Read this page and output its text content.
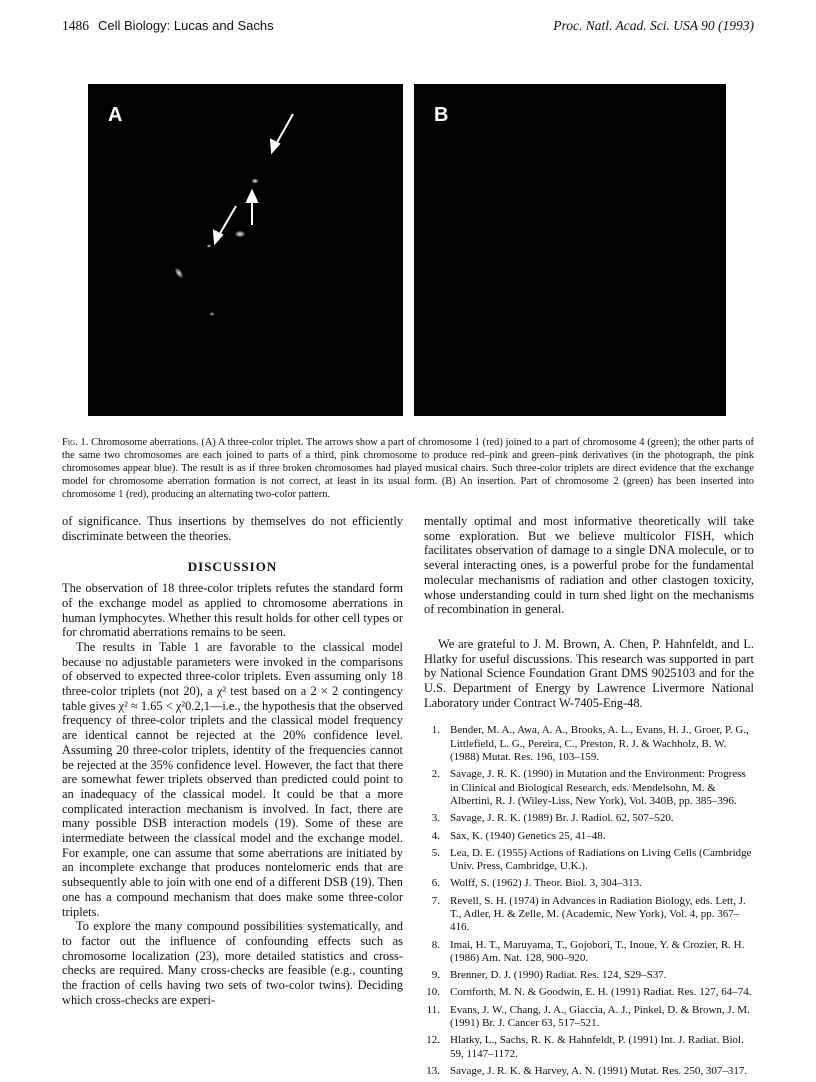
1486 Cell Biology: Lucas and Sachs	Proc. Natl. Acad. Sci. USA 90 (1993)
A	B
Fig. 1. Chromosome aberrations. (A) A three-color triplet. The arrows show a part of chromosome 1 (red) joined to a part of chromosome 4 (green); the other parts of the same two chromosomes are each joined to parts of a third, pink chromosome to produce red–pink and green–pink derivatives (in the photograph, the pink chromosomes appear blue). The result is as if three broken chromosomes had played musical chairs. Such three-color triplets are direct evidence that the exchange model for chromosome aberration formation is not correct, at least in its usual form. (B) An insertion. Part of chromosome 2 (green) has been inserted into chromosome 1 (red), producing an alternating two-color pattern.

of significance. Thus insertions by themselves do not efficiently discriminate between the theories.

DISCUSSION

The observation of 18 three-color triplets refutes the standard form of the exchange model as applied to chromosome aberrations in human lymphocytes. Whether this result holds for other cell types or for chromatid aberrations remains to be seen.

The results in Table 1 are favorable to the classical model because no adjustable parameters were invoked in the comparisons of observed to expected three-color triplets. Even assuming only 18 three-color triplets (not 20), a χ² test based on a 2 × 2 contingency table gives χ² ≈ 1.65 < χ²0.2,1—i.e., the hypothesis that the observed frequency of three-color triplets and the classical model frequency are identical cannot be rejected at the 20% confidence level. Assuming 20 three-color triplets, identity of the frequencies cannot be rejected at the 35% confidence level. However, the fact that there are somewhat fewer triplets observed than predicted could point to an inadequacy of the classical model. It could be that a more complicated interaction mechanism is involved. In fact, there are many possible DSB interaction models (19). Some of these are intermediate between the classical model and the exchange model. For example, one can assume that some aberrations are initiated by an incomplete exchange that produces nontelomeric ends that are subsequently able to join with one end of a different DSB (19). Then one has a compound mechanism that does make some three-color triplets.

To explore the many compound possibilities systematically, and to factor out the influence of confounding effects such as chromosome localization (23), more detailed statistics and cross-checks are required. Many cross-checks are feasible (e.g., counting the fraction of cells having two sets of two-color twins). Deciding which cross-checks are experi-

mentally optimal and most informative theoretically will take some exploration. But we believe multicolor FISH, which facilitates observation of damage to a single DNA molecule, or to several interacting ones, is a powerful probe for the fundamental molecular mechanisms of radiation and other clastogen toxicity, whose understanding could in turn shed light on the mechanisms of recombination in general.

We are grateful to J. M. Brown, A. Chen, P. Hahnfeldt, and L. Hlatky for useful discussions. This research was supported in part by National Science Foundation Grant DMS 9025103 and for the U.S. Department of Energy by Lawrence Livermore National Laboratory under Contract W-7405-Eng-48.

1. Bender, M. A., Awa, A. A., Brooks, A. L., Evans, H. J., Groer, P. G., Littlefield, L. G., Pereira, C., Preston, R. J. & Wachholz, B. W. (1988) Mutat. Res. 196, 103–159.
2. Savage, J. R. K. (1990) in Mutation and the Environment: Progress in Clinical and Biological Research, eds. Mendelsohn, M. & Albertini, R. J. (Wiley-Liss, New York), Vol. 340B, pp. 385–396.
3. Savage, J. R. K. (1989) Br. J. Radiol. 62, 507–520.
4. Sax, K. (1940) Genetics 25, 41–48.
5. Lea, D. E. (1955) Actions of Radiations on Living Cells (Cambridge Univ. Press, Cambridge, U.K.).
6. Wolff, S. (1962) J. Theor. Biol. 3, 304–313.
7. Revell, S. H. (1974) in Advances in Radiation Biology, eds. Lett, J. T., Adler, H. & Zelle, M. (Academic, New York), Vol. 4, pp. 367–416.
8. Imai, H. T., Maruyama, T., Gojobori, T., Inoue, Y. & Crozier, R. H. (1986) Am. Nat. 128, 900–920.
9. Brenner, D. J. (1990) Radiat. Res. 124, S29–S37.
10. Cornforth, M. N. & Goodwin, E. H. (1991) Radiat. Res. 127, 64–74.
11. Evans, J. W., Chang, J. A., Giaccia, A. J., Pinkel, D. & Brown, J. M. (1991) Br. J. Cancer 63, 517–521.
12. Hlatky, L., Sachs, R. K. & Hahnfeldt, P. (1991) Int. J. Radiat. Biol. 59, 1147–1172.
13. Savage, J. R. K. & Harvey, A. N. (1991) Mutat. Res. 250, 307–317.
